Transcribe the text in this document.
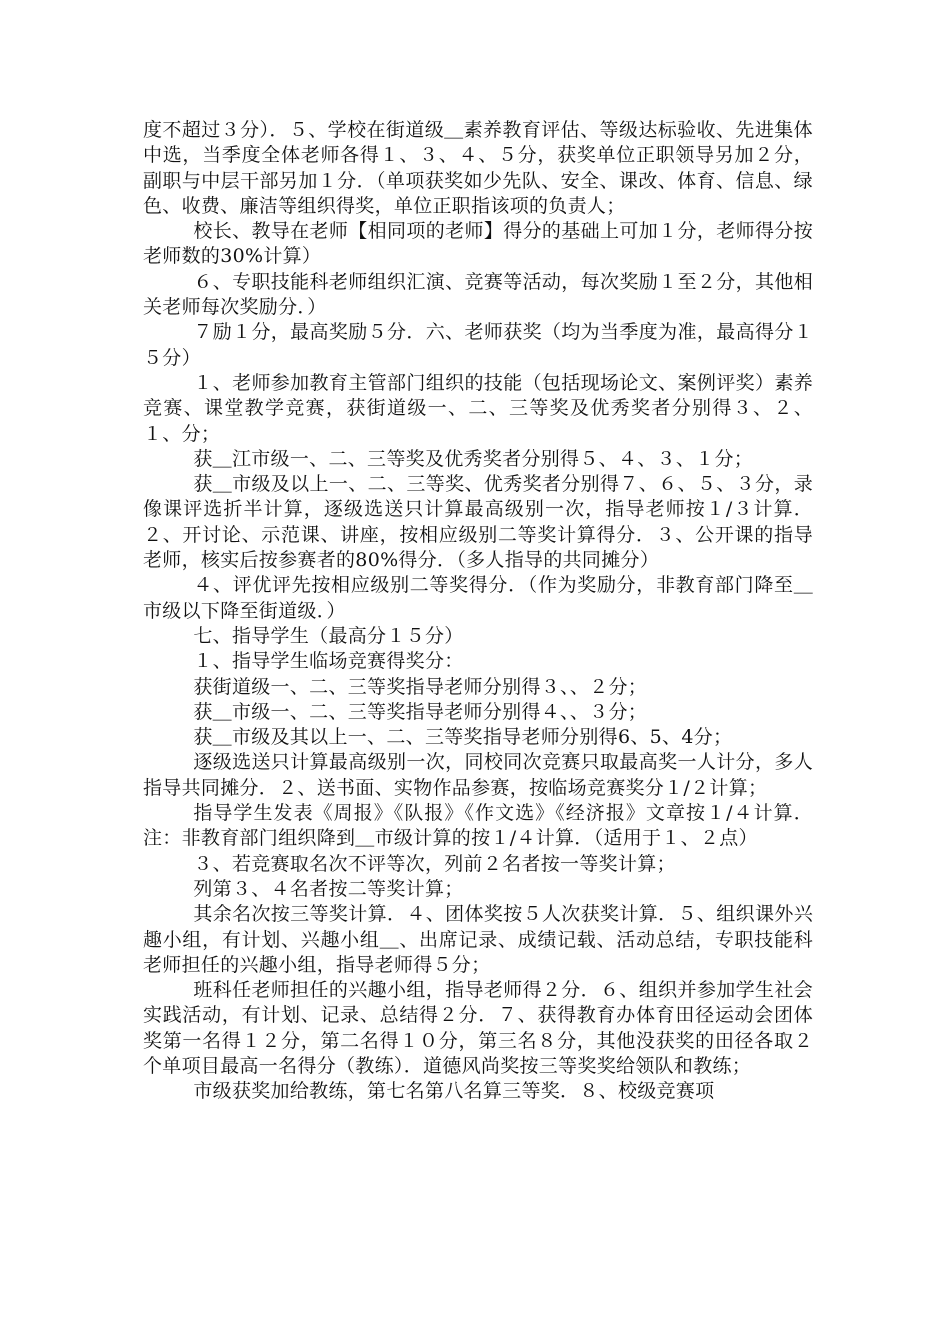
度不超过３分）．５、学校在街道级＿素养教育评估、等级达标验收、先进集体中选，当季度全体老师各得１、３、４、５分，获奖单位正职领导另加２分，副职与中层干部另加１分．（单项获奖如少先队、安全、课改、体育、信息、绿色、收费、廉洁等组织得奖，单位正职指该项的负责人；

校长、教导在老师【相同项的老师】得分的基础上可加１分，老师得分按老师数的30%计算）

６、专职技能科老师组织汇演、竞赛等活动，每次奖励１至２分，其他相关老师每次奖励分．）

７励１分，最高奖励５分．六、老师获奖（均为当季度为准，最高得分１５分）

１、老师参加教育主管部门组织的技能（包括现场论文、案例评奖）素养竞赛、课堂教学竞赛，获街道级一、二、三等奖及优秀奖者分别得３、２、１、分；

获＿江市级一、二、三等奖及优秀奖者分别得５、４、３、１分；

获＿市级及以上一、二、三等奖、优秀奖者分别得７、６、５、３分，录像课评选折半计算，逐级选送只计算最高级别一次，指导老师按１/３计算．２、开讨论、示范课、讲座，按相应级别二等奖计算得分．３、公开课的指导老师，核实后按参赛者的80%得分．（多人指导的共同摊分）

４、评优评先按相应级别二等奖得分．（作为奖励分，非教育部门降至＿市级以下降至街道级．）

七、指导学生（最高分１５分）

１、指导学生临场竞赛得奖分：

获街道级一、二、三等奖指导老师分别得３、、２分；

获＿市级一、二、三等奖指导老师分别得４、、３分；

获＿市级及其以上一、二、三等奖指导老师分别得6、5、4分；

逐级选送只计算最高级别一次，同校同次竞赛只取最高奖一人计分，多人指导共同摊分．２、送书面、实物作品参赛，按临场竞赛奖分１/２计算；

指导学生发表《周报》《队报》《作文选》《经济报》文章按１/４计算．注：非教育部门组织降到＿市级计算的按１/４计算．（适用于１、２点）

３、若竞赛取名次不评等次，列前２名者按一等奖计算；

列第３、４名者按二等奖计算；

其余名次按三等奖计算．４、团体奖按５人次获奖计算．５、组织课外兴趣小组，有计划、兴趣小组＿、出席记录、成绩记载、活动总结，专职技能科老师担任的兴趣小组，指导老师得５分；

班科任老师担任的兴趣小组，指导老师得２分．６、组织并参加学生社会实践活动，有计划、记录、总结得２分．７、获得教育办体育田径运动会团体奖第一名得１２分，第二名得１０分，第三名８分，其他没获奖的田径各取２个单项目最高一名得分（教练）．道德风尚奖按三等奖奖给领队和教练；

市级获奖加给教练，第七名第八名算三等奖．８、校级竞赛项
